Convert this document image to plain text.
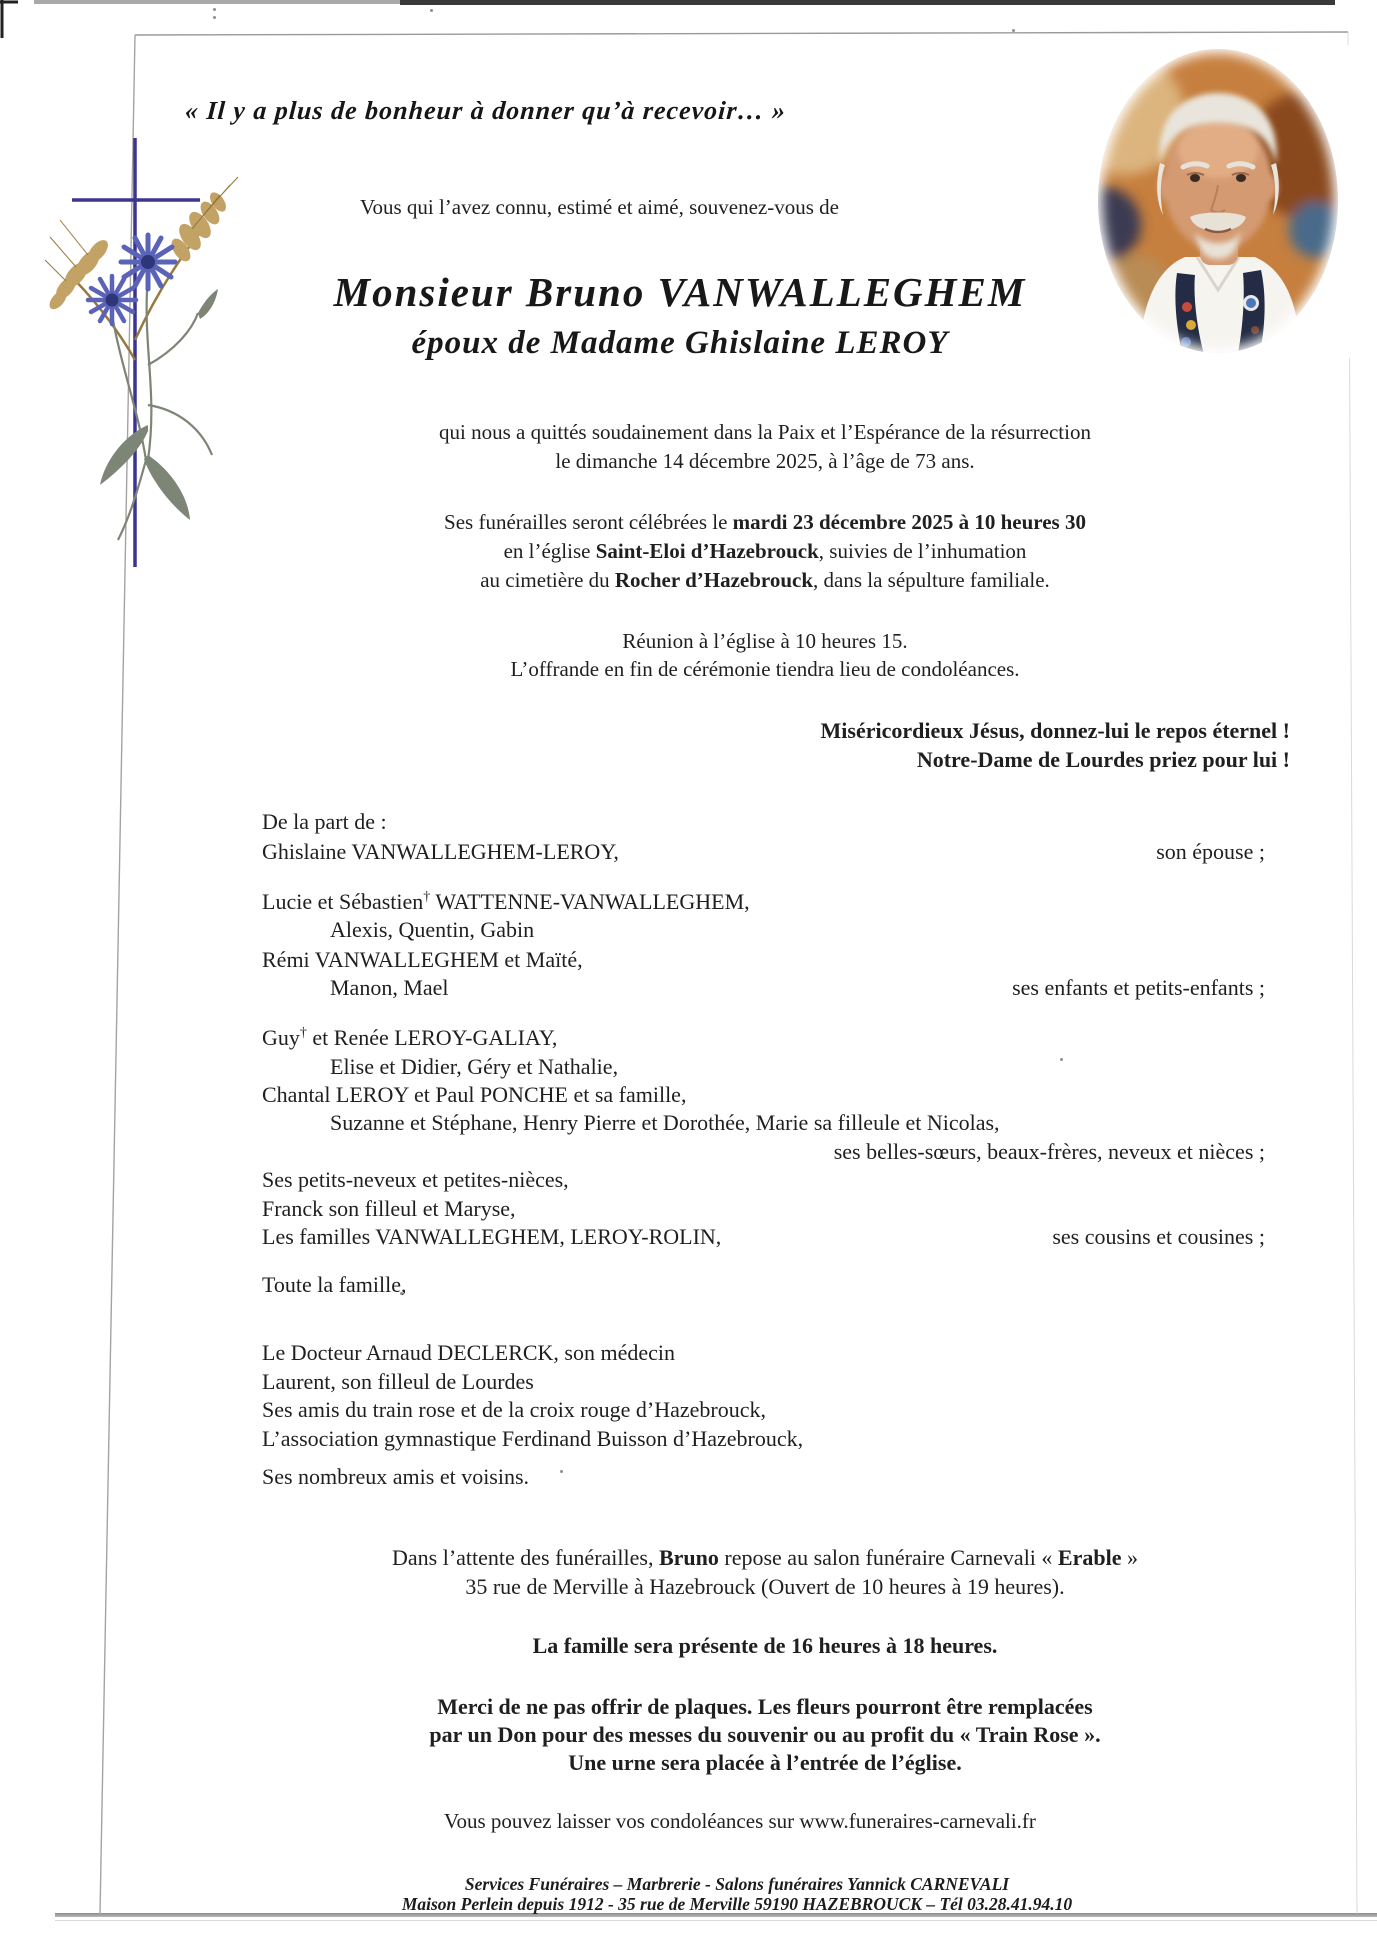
« Il y a plus de bonheur à donner qu’à recevoir… »
Vous qui l’avez connu, estimé et aimé, souvenez-vous de
Monsieur Bruno VANWALLEGHEM
époux de Madame Ghislaine LEROY
qui nous a quittés soudainement dans la Paix et l’Espérance de la résurrection
le dimanche 14 décembre 2025, à l’âge de 73 ans.
Ses funérailles seront célébrées le mardi 23 décembre 2025 à 10 heures 30
en l’église Saint-Eloi d’Hazebrouck, suivies de l’inhumation
au cimetière du Rocher d’Hazebrouck, dans la sépulture familiale.
Réunion à l’église à 10 heures 15.
L’offrande en fin de cérémonie tiendra lieu de condoléances.
Miséricordieux Jésus, donnez-lui le repos éternel !
Notre-Dame de Lourdes priez pour lui !
De la part de :
Ghislaine VANWALLEGHEM-LEROY,	son épouse ;
Lucie et Sébastien† WATTENNE-VANWALLEGHEM,
Alexis, Quentin, Gabin
Rémi VANWALLEGHEM et Maïté,
Manon, Mael	ses enfants et petits-enfants ;
Guy† et Renée LEROY-GALIAY,
Elise et Didier, Géry et Nathalie,
Chantal LEROY et Paul PONCHE et sa famille,
Suzanne et Stéphane, Henry Pierre et Dorothée, Marie sa filleule et Nicolas,
ses belles-sœurs, beaux-frères, neveux et nièces ;
Ses petits-neveux et petites-nièces,
Franck son filleul et Maryse,
Les familles VANWALLEGHEM, LEROY-ROLIN,	ses cousins et cousines ;
Toute la famille,
Le Docteur Arnaud DECLERCK, son médecin
Laurent, son filleul de Lourdes
Ses amis du train rose et de la croix rouge d’Hazebrouck,
L’association gymnastique Ferdinand Buisson d’Hazebrouck,
Ses nombreux amis et voisins.
Dans l’attente des funérailles, Bruno repose au salon funéraire Carnevali « Erable »
35 rue de Merville à Hazebrouck (Ouvert de 10 heures à 19 heures).
La famille sera présente de 16 heures à 18 heures.
Merci de ne pas offrir de plaques. Les fleurs pourront être remplacées
par un Don pour des messes du souvenir ou au profit du « Train Rose ».
Une urne sera placée à l’entrée de l’église.
Vous pouvez laisser vos condoléances sur www.funeraires-carnevali.fr
Services Funéraires – Marbrerie - Salons funéraires Yannick CARNEVALI
Maison Perlein depuis 1912 - 35 rue de Merville 59190 HAZEBROUCK – Tél 03.28.41.94.10
